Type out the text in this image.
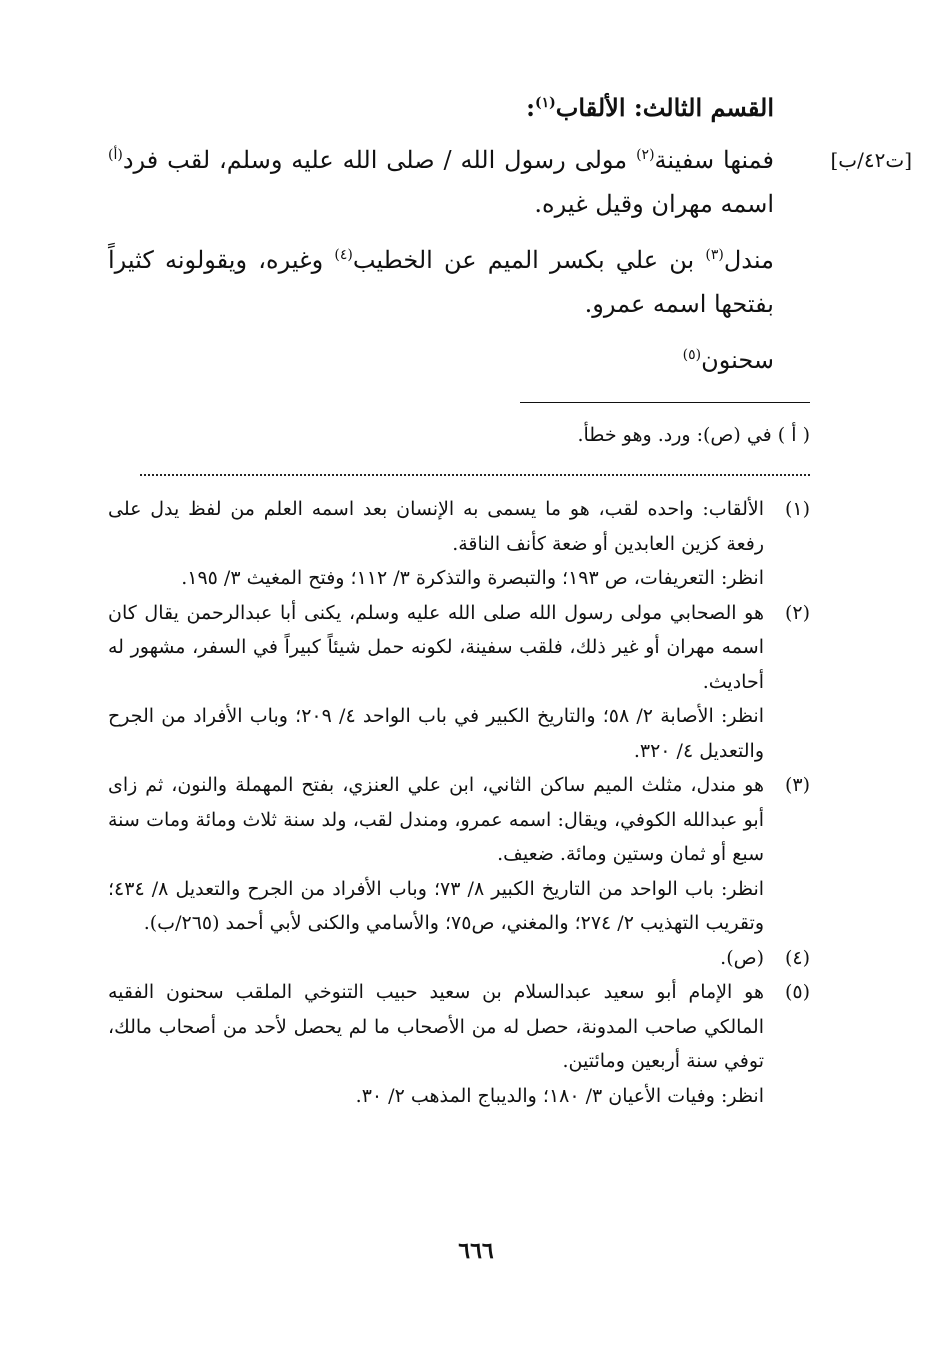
[ت٤٢/ب]
القسم الثالث: الألقاب$^{(١)}$:

فمنها سفينة$^{(٢)}$ مولى رسول الله / صلى الله عليه وسلم، لقب فرد$^{(أ)}$ اسمه مهران وقيل غيره.

مندل$^{(٣)}$ بن علي بكسر الميم عن الخطيب$^{(٤)}$ وغيره، ويقولونه كثيراً بفتحها اسمه عمرو.

سحنون$^{(٥)}$

( أ ) في (ص): ورد. وهو خطأ.
(١)

الألقاب: واحده لقب، هو ما يسمى به الإنسان بعد اسمه العلم من لفظ يدل على رفعة كزين العابدين أو ضعة كأنف الناقة.

انظر: التعريفات، ص ١٩٣؛ والتبصرة والتذكرة ٣/ ١١٢؛ وفتح المغيث ٣/ ١٩٥.

(٢)

هو الصحابي مولى رسول الله صلى الله عليه وسلم، يكنى أبا عبدالرحمن يقال كان اسمه مهران أو غير ذلك، فلقب سفينة، لكونه حمل شيئاً كبيراً في السفر، مشهور له أحاديث.

انظر: الأصابة ٢/ ٥٨؛ والتاريخ الكبير في باب الواحد ٤/ ٢٠٩؛ وباب الأفراد من الجرح والتعديل ٤/ ٣٢٠.

(٣)

هو مندل، مثلث الميم ساكن الثاني، ابن علي العنزي، بفتح المهملة والنون، ثم زاى أبو عبدالله الكوفي، ويقال: اسمه عمرو، ومندل لقب، ولد سنة ثلاث ومائة ومات سنة سبع أو ثمان وستين ومائة. ضعيف.

انظر: باب الواحد من التاريخ الكبير ٨/ ٧٣؛ وباب الأفراد من الجرح والتعديل ٨/ ٤٣٤؛ وتقريب التهذيب ٢/ ٢٧٤؛ والمغني، ص٧٥؛ والأسامي والكنى لأبي أحمد (٢٦٥/ب).

(٤)

(ص).

(٥)

هو الإمام أبو سعيد عبدالسلام بن سعيد حبيب التنوخي الملقب سحنون الفقيه المالكي صاحب المدونة، حصل له من الأصحاب ما لم يحصل لأحد من أصحاب مالك، توفي سنة أربعين ومائتين.

انظر: وفيات الأعيان ٣/ ١٨٠؛ والديباج المذهب ٢/ ٣٠.

٦٦٦
